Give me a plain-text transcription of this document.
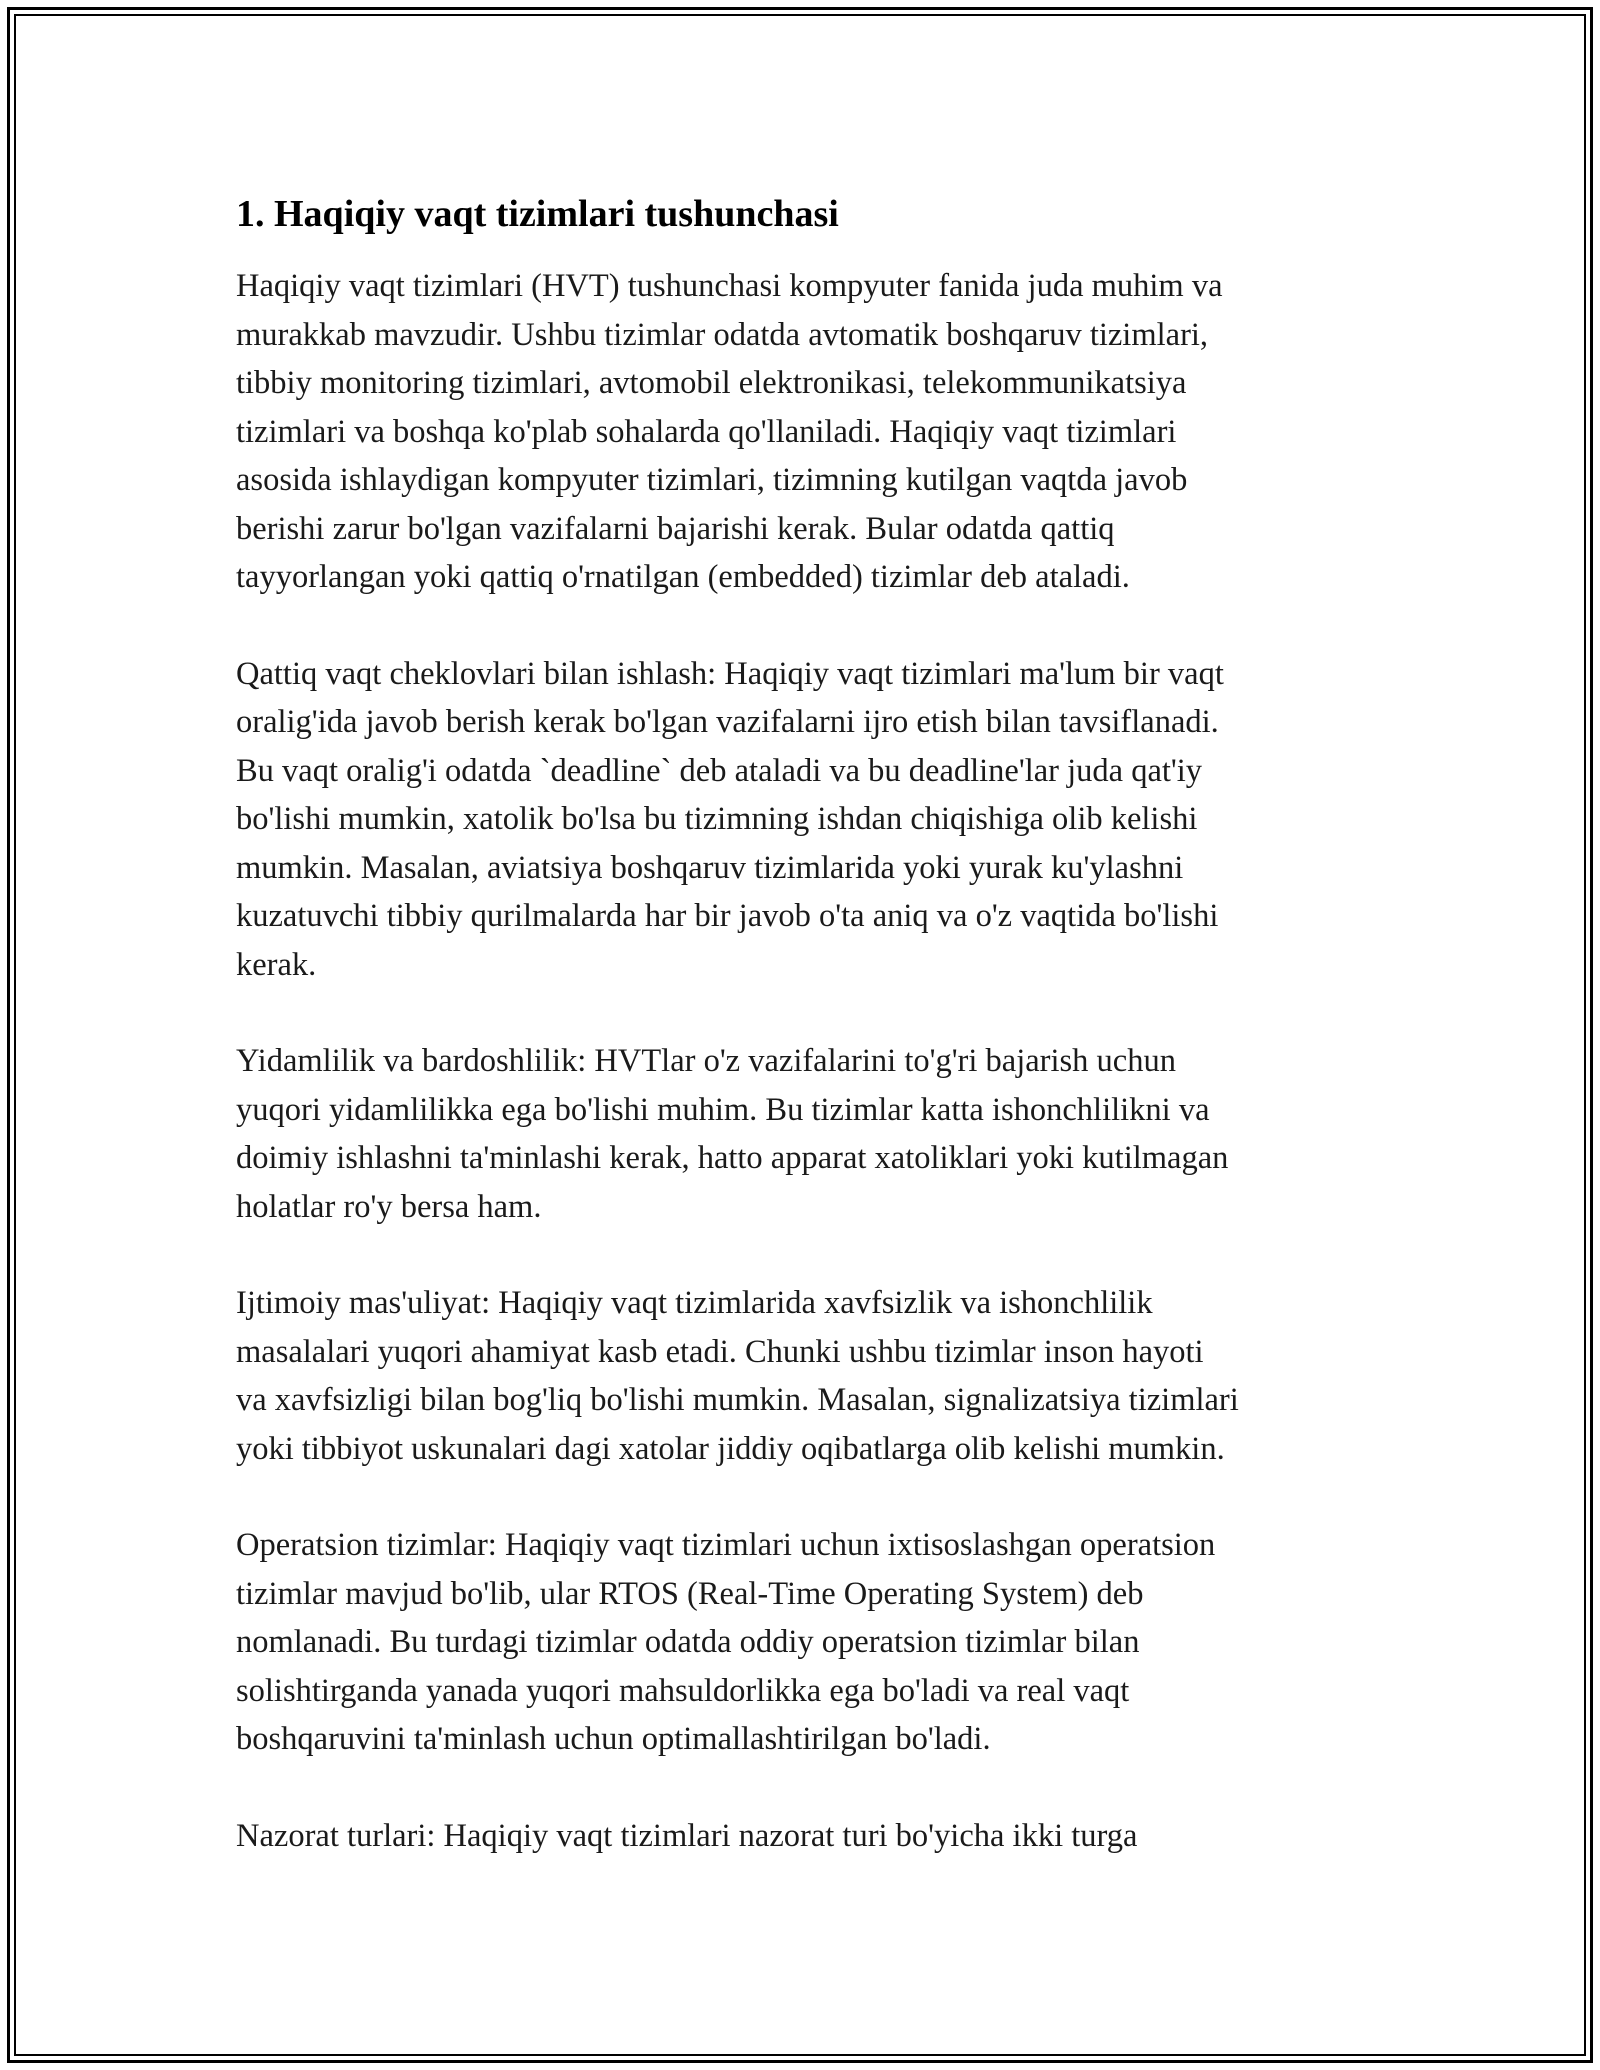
1. Haqiqiy vaqt tizimlari tushunchasi

Haqiqiy vaqt tizimlari (HVT) tushunchasi kompyuter fanida juda muhim va
murakkab mavzudir. Ushbu tizimlar odatda avtomatik boshqaruv tizimlari,
tibbiy monitoring tizimlari, avtomobil elektronikasi, telekommunikatsiya
tizimlari va boshqa ko'plab sohalarda qo'llaniladi. Haqiqiy vaqt tizimlari
asosida ishlaydigan kompyuter tizimlari, tizimning kutilgan vaqtda javob
berishi zarur bo'lgan vazifalarni bajarishi kerak. Bular odatda qattiq
tayyorlangan yoki qattiq o'rnatilgan (embedded) tizimlar deb ataladi.

Qattiq vaqt cheklovlari bilan ishlash: Haqiqiy vaqt tizimlari ma'lum bir vaqt
oralig'ida javob berish kerak bo'lgan vazifalarni ijro etish bilan tavsiflanadi.
Bu vaqt oralig'i odatda `deadline` deb ataladi va bu deadline'lar juda qat'iy
bo'lishi mumkin, xatolik bo'lsa bu tizimning ishdan chiqishiga olib kelishi
mumkin. Masalan, aviatsiya boshqaruv tizimlarida yoki yurak ku'ylashni
kuzatuvchi tibbiy qurilmalarda har bir javob o'ta aniq va o'z vaqtida bo'lishi
kerak.

Yidamlilik va bardoshlilik: HVTlar o'z vazifalarini to'g'ri bajarish uchun
yuqori yidamlilikka ega bo'lishi muhim. Bu tizimlar katta ishonchlilikni va
doimiy ishlashni ta'minlashi kerak, hatto apparat xatoliklari yoki kutilmagan
holatlar ro'y bersa ham.

Ijtimoiy mas'uliyat: Haqiqiy vaqt tizimlarida xavfsizlik va ishonchlilik
masalalari yuqori ahamiyat kasb etadi. Chunki ushbu tizimlar inson hayoti
va xavfsizligi bilan bog'liq bo'lishi mumkin. Masalan, signalizatsiya tizimlari
yoki tibbiyot uskunalari dagi xatolar jiddiy oqibatlarga olib kelishi mumkin.

Operatsion tizimlar: Haqiqiy vaqt tizimlari uchun ixtisoslashgan operatsion
tizimlar mavjud bo'lib, ular RTOS (Real-Time Operating System) deb
nomlanadi. Bu turdagi tizimlar odatda oddiy operatsion tizimlar bilan
solishtirganda yanada yuqori mahsuldorlikka ega bo'ladi va real vaqt
boshqaruvini ta'minlash uchun optimallashtirilgan bo'ladi.

Nazorat turlari: Haqiqiy vaqt tizimlari nazorat turi bo'yicha ikki turga
